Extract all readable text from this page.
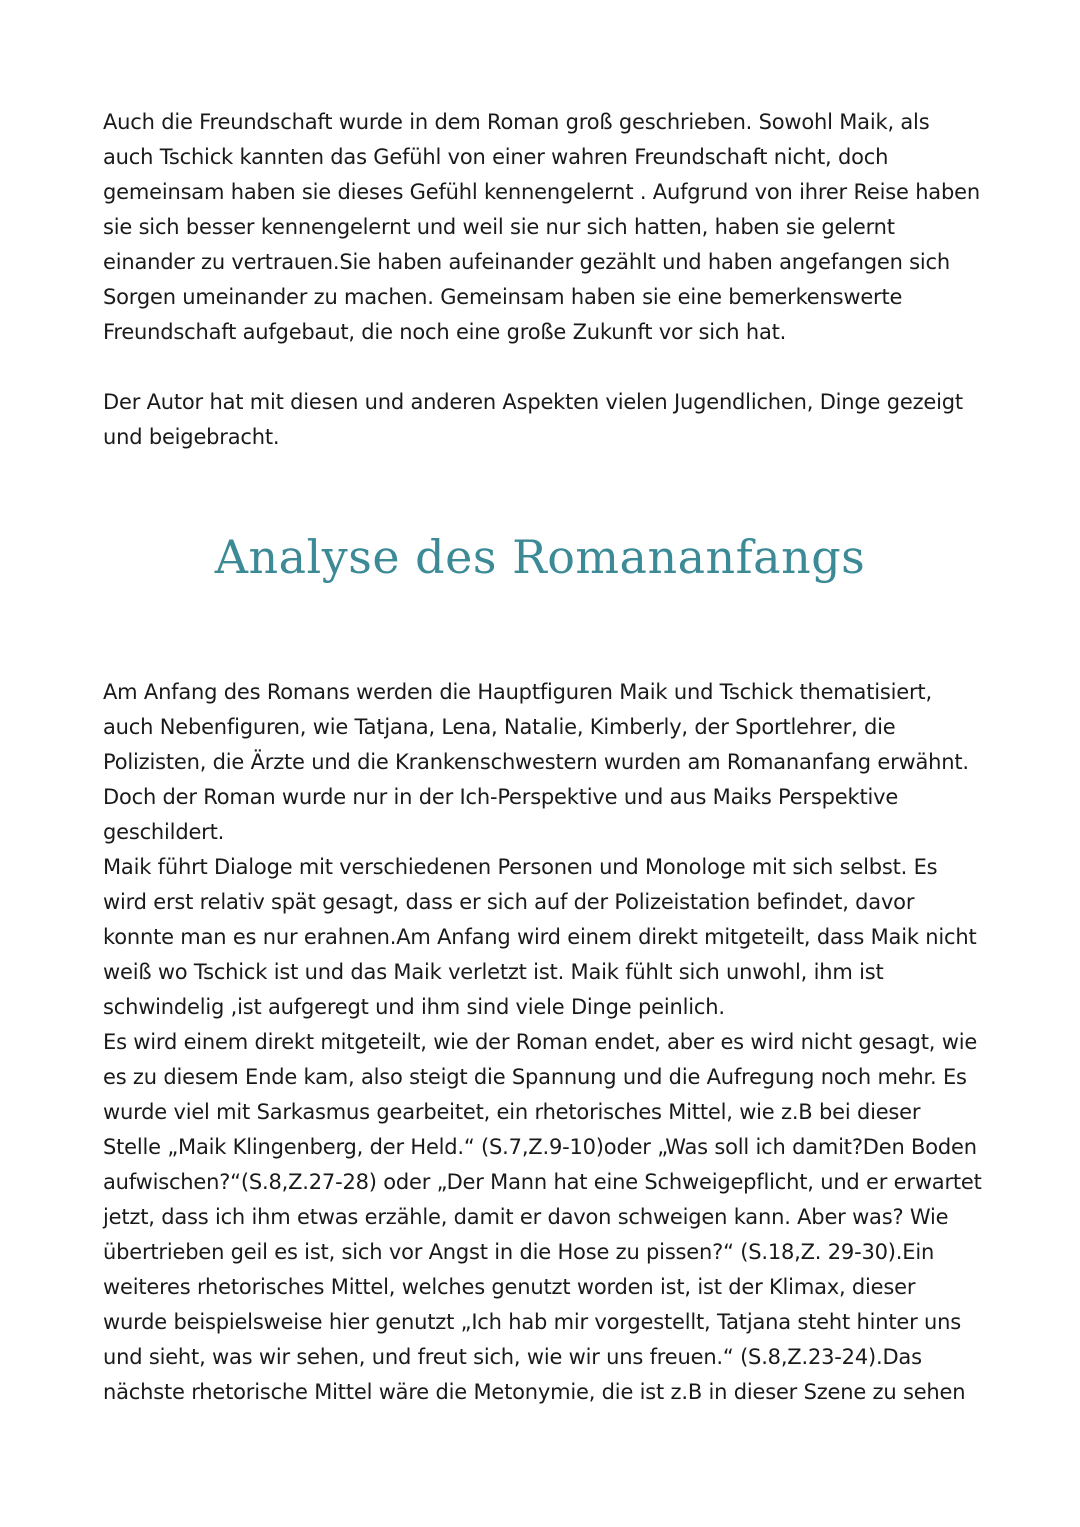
Auch die Freundschaft wurde in dem Roman groß geschrieben. Sowohl Maik, als auch Tschick kannten das Gefühl von einer wahren Freundschaft nicht, doch gemeinsam haben sie dieses Gefühl kennengelernt . Aufgrund von ihrer Reise haben sie sich besser kennengelernt und weil sie nur sich hatten, haben sie gelernt einander zu vertrauen.Sie haben aufeinander gezählt und haben angefangen sich Sorgen umeinander zu machen. Gemeinsam haben sie eine bemerkenswerte Freundschaft aufgebaut, die noch eine große Zukunft vor sich hat.

Der Autor hat mit diesen und anderen Aspekten vielen Jugendlichen, Dinge gezeigt und beigebracht.

Analyse des Romananfangs

Am Anfang des Romans werden die Hauptfiguren Maik und Tschick thematisiert, auch Nebenfiguren, wie Tatjana, Lena, Natalie, Kimberly, der Sportlehrer, die Polizisten, die Ärzte und die Krankenschwestern wurden am Romananfang erwähnt.

Doch der Roman wurde nur in der Ich-Perspektive und aus Maiks Perspektive geschildert.

Maik führt Dialoge mit verschiedenen Personen und Monologe mit sich selbst. Es wird erst relativ spät gesagt, dass er sich auf der Polizeistation befindet, davor konnte man es nur erahnen.Am Anfang wird einem direkt mitgeteilt, dass Maik nicht weiß wo Tschick ist und das Maik verletzt ist. Maik fühlt sich unwohl, ihm ist schwindelig ,ist aufgeregt und ihm sind viele Dinge peinlich.

Es wird einem direkt mitgeteilt, wie der Roman endet, aber es wird nicht gesagt, wie es zu diesem Ende kam, also steigt die Spannung und die Aufregung noch mehr. Es wurde viel mit Sarkasmus gearbeitet, ein rhetorisches Mittel, wie z.B bei dieser Stelle „Maik Klingenberg, der Held.“ (S.7,Z.9-10)oder „Was soll ich damit?Den Boden aufwischen?“(S.8,Z.27-28) oder „Der Mann hat eine Schweigepflicht, und er erwartet jetzt, dass ich ihm etwas erzähle, damit er davon schweigen kann. Aber was? Wie übertrieben geil es ist, sich vor Angst in die Hose zu pissen?“ (S.18,Z. 29-30).Ein weiteres rhetorisches Mittel, welches genutzt worden ist, ist der Klimax, dieser wurde beispielsweise hier genutzt „Ich hab mir vorgestellt, Tatjana steht hinter uns und sieht, was wir sehen, und freut sich, wie wir uns freuen.“ (S.8,Z.23-24).Das nächste rhetorische Mittel wäre die Metonymie, die ist z.B in dieser Szene zu sehen
